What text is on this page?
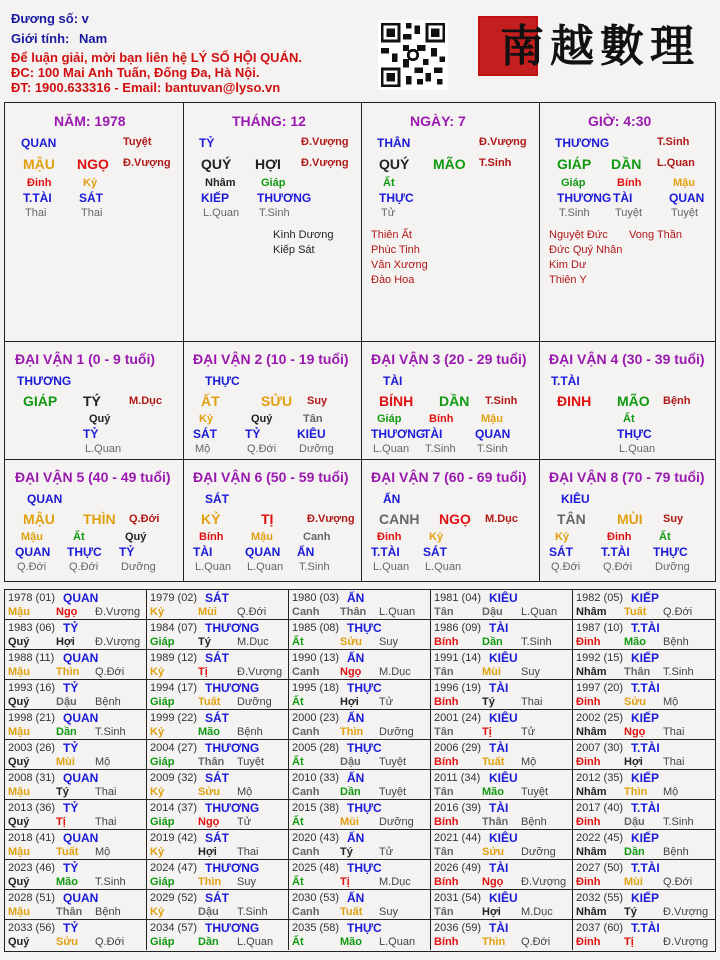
Đương số: v
Giới tính: Nam
Để luận giải, mời bạn liên hệ LÝ SỐ HỘI QUÁN.
ĐC: 100 Mai Anh Tuấn, Đống Đa, Hà Nội.
ĐT: 1900.633316 - Email: bantuvan@lyso.vn
南越數理
NĂM: 1978
QUAN	Tuyệt
MẬU NGỌ Đ.Vượng
Đinh
T.TÀI
Thai
Kỷ
SÁT
Thai
THÁNG: 12
TỶ	Đ.Vượng
QUÝ HỢI Đ.Vượng
Nhâm
KIẾP
L.Quan
Giáp
THƯƠNG
T.Sinh
Kình Dương
Kiếp Sát
NGÀY: 7
THÂN	Đ.Vượng
QUÝ MÃO T.Sinh
Ất
THỰC
Tử
Thiên Ất
Phúc Tinh
Văn Xương
Đào Hoa
GIỜ: 4:30
THƯƠNG	T.Sinh
GIÁP DẦN L.Quan
Giáp
THƯƠNG
T.Sinh
Bính
TÀI
Tuyệt
Mậu
QUAN
Tuyệt
Nguyệt Đức Vong Thần
Đức Quý Nhân
Kim Dư
Thiên Y
ĐẠI VẬN 1 (0 - 9 tuổi)
THƯƠNG
GIÁP TÝ	M.Dục
Quý
TỶ
L.Quan
ĐẠI VẬN 2 (10 - 19 tuổi)
THỰC
ẤT	SỬU Suy
Kỷ
SÁT
Mộ
Quý
TỶ
Q.Đới
Tân
KIÊU
Dưỡng
ĐẠI VẬN 3 (20 - 29 tuổi)
TÀI
BÍNH DẦN T.Sinh
Giáp
THƯƠNG
L.Quan
Bính
TÀI
T.Sinh
Mậu
QUAN
T.Sinh
ĐẠI VẬN 4 (30 - 39 tuổi)
T.TÀI
ĐINH MÃO Bệnh
Ất
THỰC
L.Quan
ĐẠI VẬN 5 (40 - 49 tuổi)
QUAN
MẬU THÌN Q.Đới
Mậu
QUAN
Q.Đới
Ất
THỰC
Q.Đới
Quý
TỶ
Dưỡng
ĐẠI VẬN 6 (50 - 59 tuổi)
SÁT
KỶ	TỊ	Đ.Vượng
Bính
TÀI
L.Quan
Mậu
QUAN
L.Quan
Canh
ẤN
T.Sinh
ĐẠI VẬN 7 (60 - 69 tuổi)
ẤN
CANH NGỌ M.Dục
Đinh
T.TÀI
L.Quan
Kỷ
SÁT
L.Quan
ĐẠI VẬN 8 (70 - 79 tuổi)
KIÊU
TÂN MÙI Suy
Kỷ
SÁT
Q.Đới
Đinh
T.TÀI
Q.Đới
Ất
THỰC
Dưỡng
1978 (01) QUAN
Mậu Ngọ Đ.Vượng
1979 (02) SÁT
Kỷ	Mùi Q.Đới
1980 (03) ẤN
Canh Thân L.Quan
1981 (04) KIÊU
Tân	Dậu L.Quan
1982 (05) KIẾP
Nhâm Tuất Q.Đới
1983 (06) TỶ
Quý Hợi Đ.Vượng
1984 (07) THƯƠNG
Giáp Tý M.Dục
1985 (08) THỰC
Ất	Sửu Suy
1986 (09) TÀI
Bính Dần T.Sinh
1987 (10) T.TÀI
Đinh Mão Bệnh
1988 (11) QUAN
Mậu Thìn Q.Đới
1989 (12) SÁT
Kỷ	Tị	Đ.Vượng
1990 (13) ẤN
Canh Ngọ M.Dục
1991 (14) KIÊU
Tân	Mùi Suy
1992 (15) KIẾP
Nhâm Thân T.Sinh
1993 (16) TỶ
Quý Dậu Bệnh
1994 (17) THƯƠNG
Giáp Tuất Dưỡng
1995 (18) THỰC
Ất	Hợi Tử
1996 (19) TÀI
Bính Tý Thai
1997 (20) T.TÀI
Đinh Sửu Mộ
1998 (21) QUAN
Mậu Dần T.Sinh
1999 (22) SÁT
Kỷ	Mão Bệnh
2000 (23) ẤN
Canh Thìn Dưỡng
2001 (24) KIÊU
Tân	Tị	Tử
2002 (25) KIẾP
Nhâm Ngọ Thai
2003 (26) TỶ
Quý Mùi Mộ
2004 (27) THƯƠNG
Giáp Thân Tuyệt
2005 (28) THỰC
Ất	Dậu Tuyệt
2006 (29) TÀI
Bính Tuất Mộ
2007 (30) T.TÀI
Đinh Hợi Thai
2008 (31) QUAN
Mậu Tý Thai
2009 (32) SÁT
Kỷ	Sửu Mộ
2010 (33) ẤN
Canh Dần Tuyệt
2011 (34) KIÊU
Tân	Mão Tuyệt
2012 (35) KIẾP
Nhâm Thìn Mộ
2013 (36) TỶ
Quý Tị	Thai
2014 (37) THƯƠNG
Giáp Ngọ Tử
2015 (38) THỰC
Ất	Mùi Dưỡng
2016 (39) TÀI
Bính Thân Bệnh
2017 (40) T.TÀI
Đinh Dậu T.Sinh
2018 (41) QUAN
Mậu Tuất Mộ
2019 (42) SÁT
Kỷ	Hợi Thai
2020 (43) ẤN
Canh Tý Tử
2021 (44) KIÊU
Tân	Sửu Dưỡng
2022 (45) KIẾP
Nhâm Dần Bệnh
2023 (46) TỶ
Quý Mão T.Sinh
2024 (47) THƯƠNG
Giáp Thìn Suy
2025 (48) THỰC
Ất	Tị	M.Dục
2026 (49) TÀI
Bính Ngọ Đ.Vượng
2027 (50) T.TÀI
Đinh Mùi Q.Đới
2028 (51) QUAN
Mậu Thân Bệnh
2029 (52) SÁT
Kỷ	Dậu T.Sinh
2030 (53) ẤN
Canh Tuất Suy
2031 (54) KIÊU
Tân	Hợi M.Dục
2032 (55) KIẾP
Nhâm Tý Đ.Vượng
2033 (56) TỶ
Quý Sửu Q.Đới
2034 (57) THƯƠNG
Giáp Dần L.Quan
2035 (58) THỰC
Ất	Mão L.Quan
2036 (59) TÀI
Bính Thìn Q.Đới
2037 (60) T.TÀI
Đinh Tị	Đ.Vượng
